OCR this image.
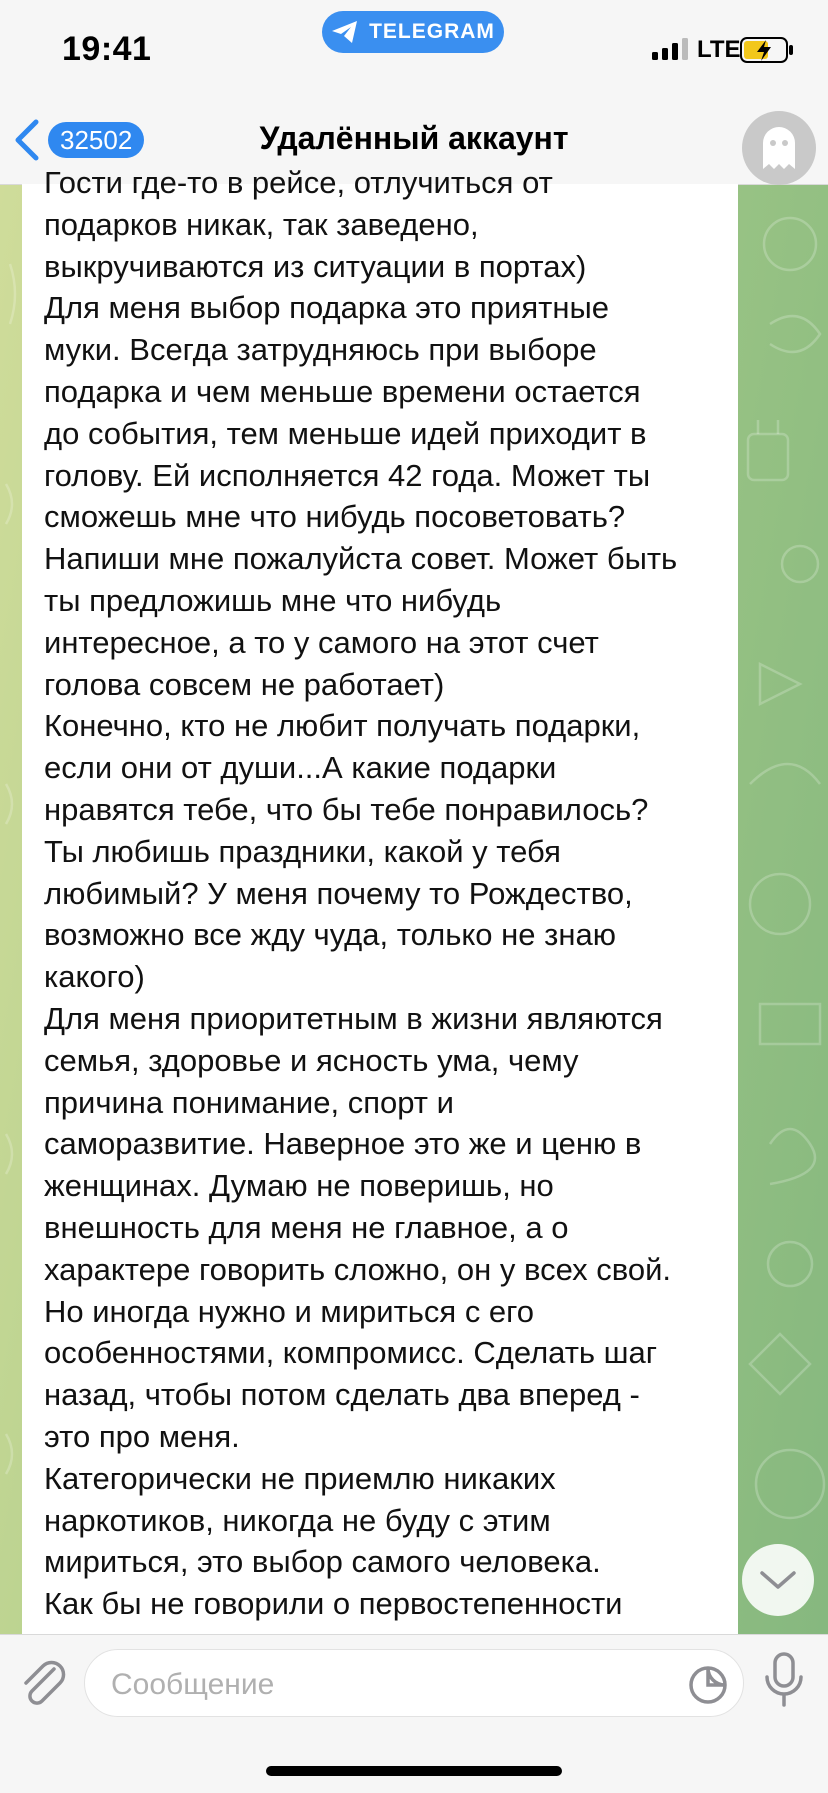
19:41	TELEGRAM
LTE
32502	Удалённый аккаунт
Гости где-то в рейсе, отлучиться от
подарков никак, так заведено,
выкручиваются из ситуации в портах)
Для меня выбор подарка это приятные
муки. Всегда затрудняюсь при выборе
подарка и чем меньше времени остается
до события, тем меньше идей приходит в
голову. Ей исполняется 42 года. Может ты
сможешь мне что нибудь посоветовать?
Напиши мне пожалуйста совет. Может быть
ты предложишь мне что нибудь
интересное, а то у самого на этот счет
голова совсем не работает)
Конечно, кто не любит получать подарки,
если они от души...А какие подарки
нравятся тебе, что бы тебе понравилось?
Ты любишь праздники, какой у тебя
любимый? У меня почему то Рождество,
возможно все жду чуда, только не знаю
какого)
Для меня приоритетным в жизни являются
семья, здоровье и ясность ума, чему
причина понимание, спорт и
саморазвитие. Наверное это же и ценю в
женщинах. Думаю не поверишь, но
внешность для меня не главное, а о
характере говорить сложно, он у всех свой.
Но иногда нужно и мириться с его
особенностями, компромисс. Сделать шаг
назад, чтобы потом сделать два вперед -
это про меня.
Категорически не приемлю никаких
наркотиков, никогда не буду с этим
мириться, это выбор самого человека.
Как бы не говорили о первостепенности
Сообщение
